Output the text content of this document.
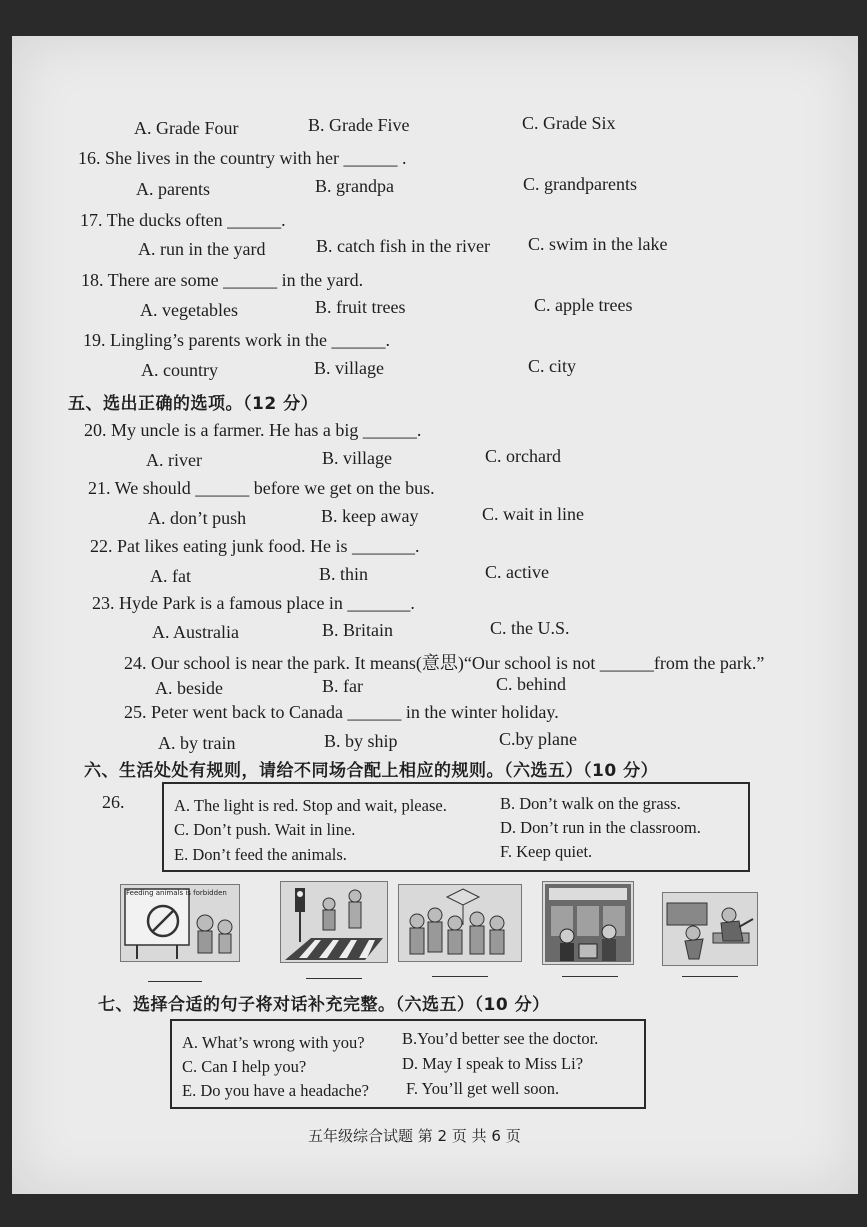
A. Grade Four	B. Grade Five	C. Grade Six
16. She lives in the country with her ______ .
A. parents	B. grandpa	C. grandparents
17. The ducks often ______.
A. run in the yard	B. catch fish in the river C. swim in the lake
18. There are some ______ in the yard.
A. vegetables	B. fruit trees	C. apple trees
19. Lingling’s parents work in the ______.
A. country	B. village	C. city
五、选出正确的选项。（12 分）
20. My uncle is a farmer. He has a big ______.
A. river	B. village	C. orchard
21. We should ______ before we get on the bus.
A. don’t push	B. keep away	C. wait in line
22. Pat likes eating junk food. He is _______.
A. fat	B. thin	C. active
23. Hyde Park is a famous place in _______.
A. Australia	B. Britain	C. the U.S.
24. Our school is near the park. It means(意思)“Our school is not ______from the park.”
A. beside	B. far	C. behind
25. Peter went back to Canada ______ in the winter holiday.
A. by train	B. by ship	C.by plane
六、生活处处有规则，请给不同场合配上相应的规则。（六选五）（10 分）
26.	A. The light is red. Stop and wait, please.	B. Don’t walk on the grass.
C. Don’t push. Wait in line.	D. Don’t run in the classroom.
E. Don’t feed the animals.	F. Keep quiet.
Feeding animals is forbidden
七、选择合适的句子将对话补充完整。（六选五）（10 分）
A. What’s wrong with you? B.You’d better see the doctor.
C. Can I help you?	D. May I speak to Miss Li?
E. Do you have a headache? F. You’ll get well soon.
五年级综合试题 第 2 页 共 6 页
